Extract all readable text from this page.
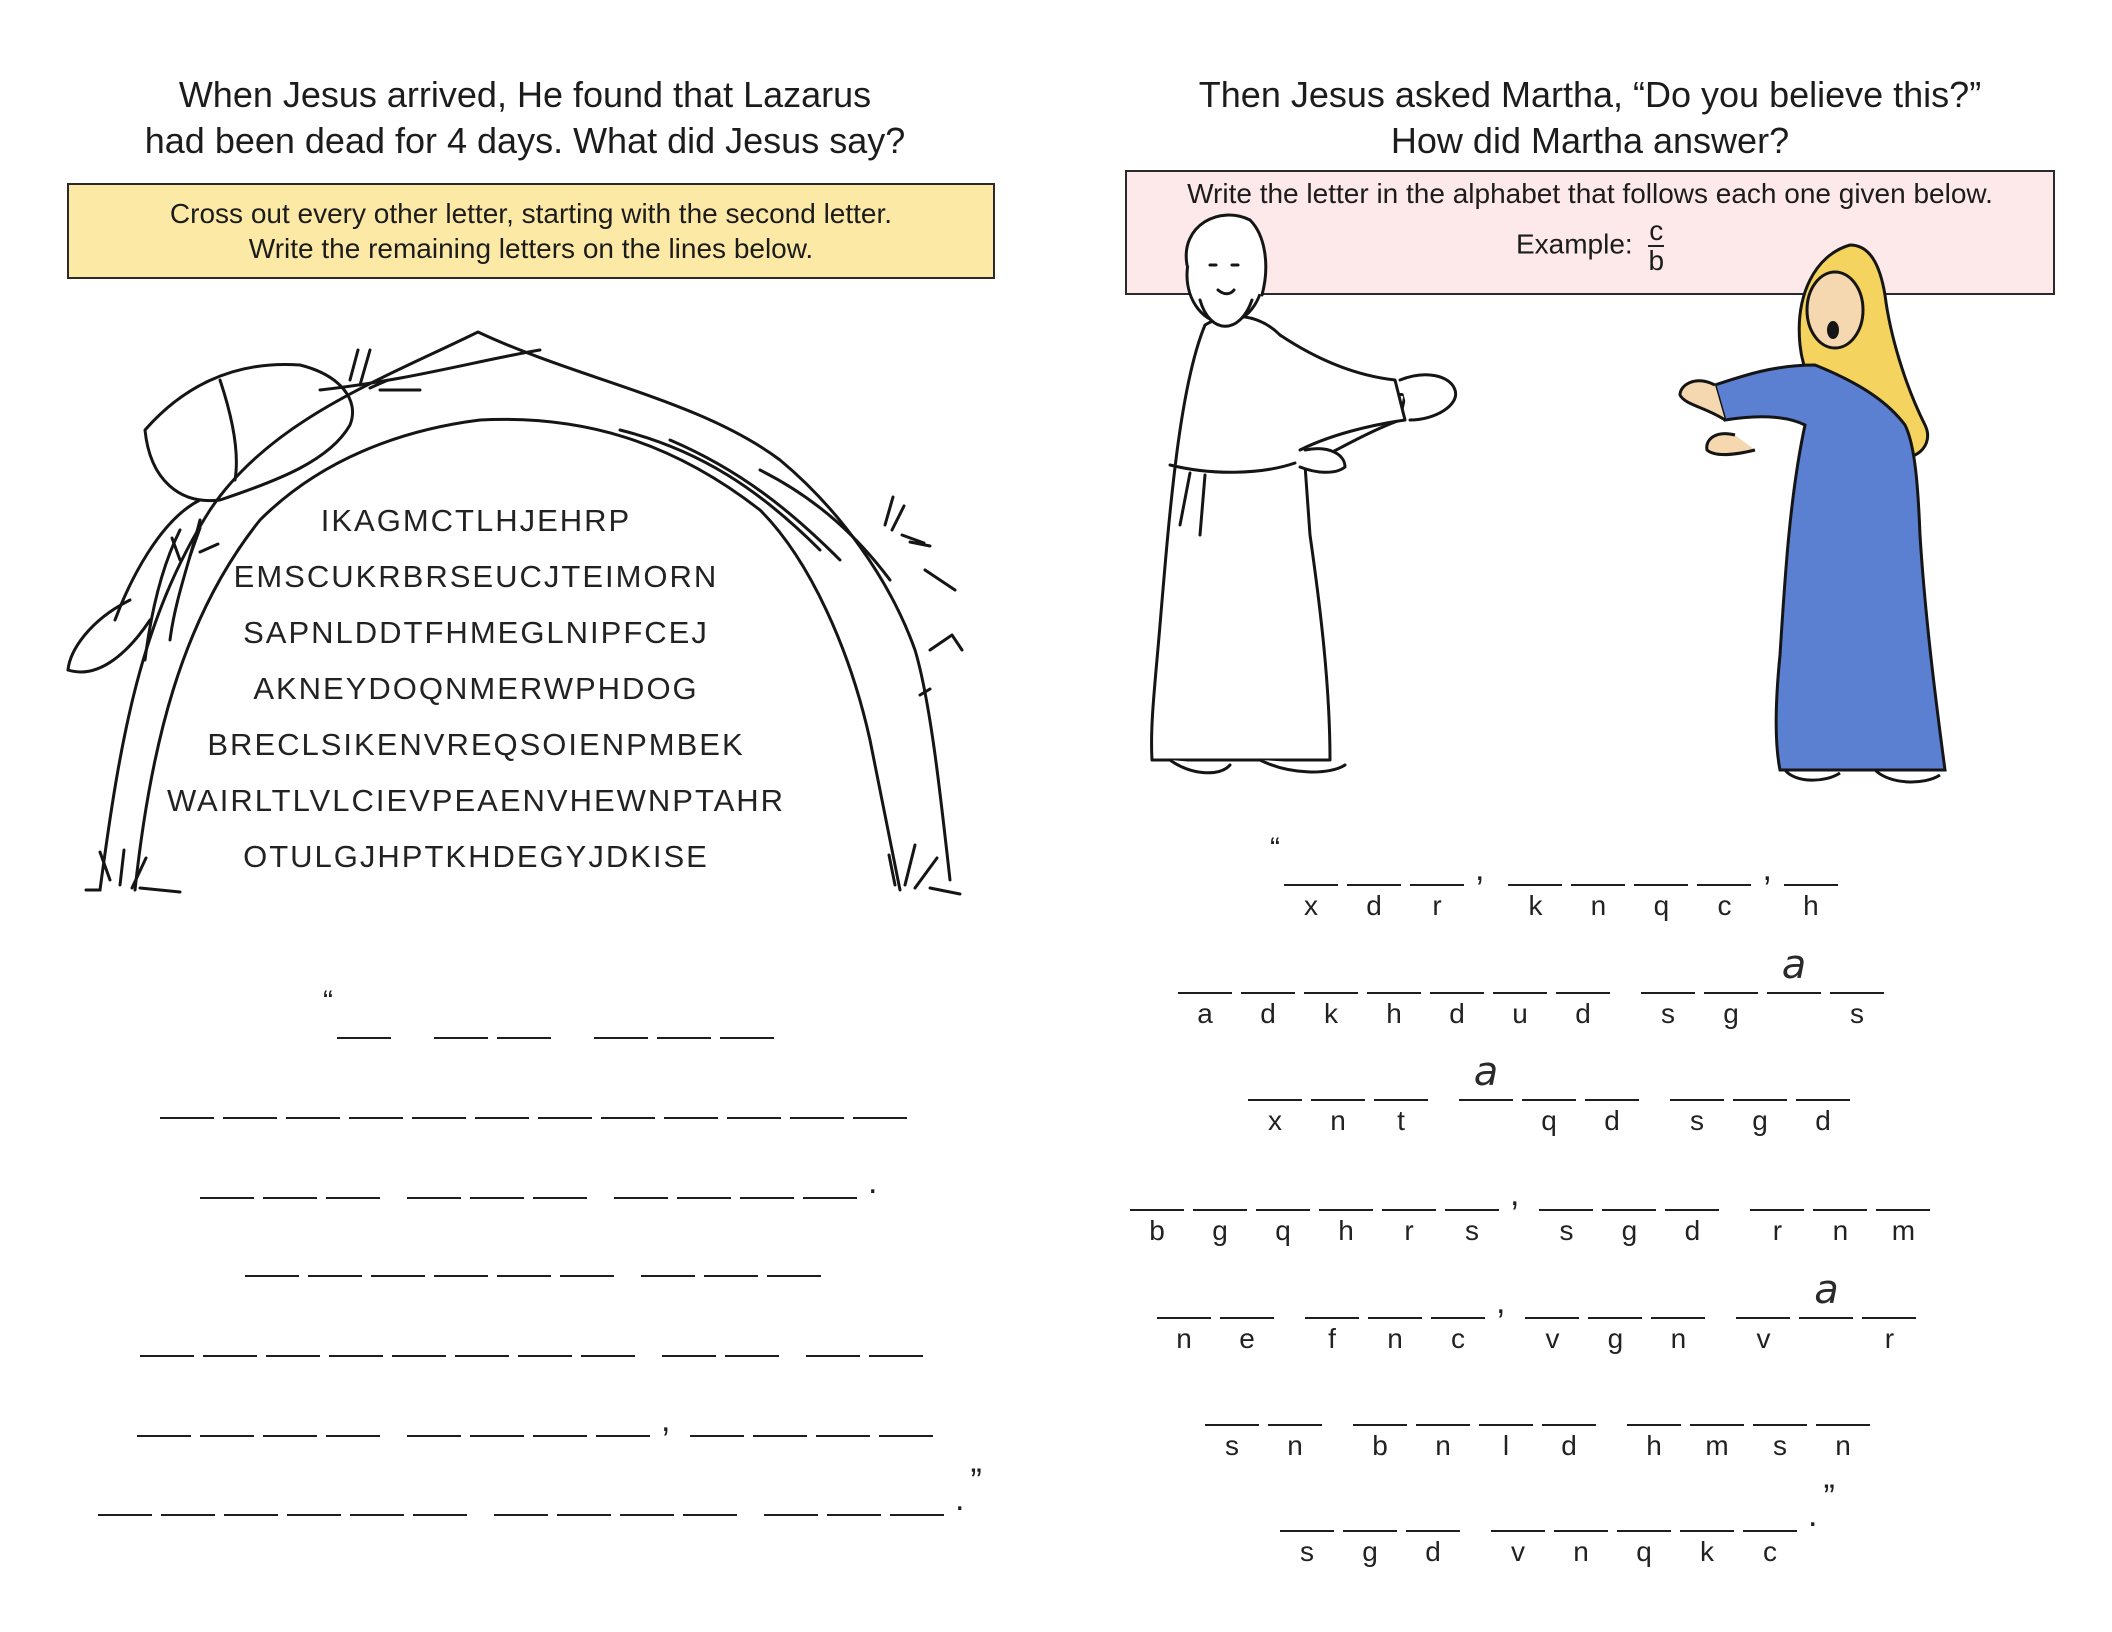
When Jesus arrived, He found that Lazarus
had been dead for 4 days. What did Jesus say?
Cross out every other letter, starting with the second letter.
Write the remaining letters on the lines below.
IKAGMCTLHJEHRP
EMSCUKRBRSEUCJTEIMORN
SAPNLDDTFHMEGLNIPFCEJ
AKNEYDOQNMERWPHDOG
BRECLSIKENVREQSOIENPMBEK
WAIRLTLVLCIEVPEAENVHEWNPTAHR
OTULGJHPTKHDEGYJDKISE
“
.
,
. ”
Then Jesus asked Martha, “Do you believe this?”
How did Martha answer?
Write the letter in the alphabet that follows each one given below.
Example: $\frac{c}{b}$
“
x	d	r
,
k	n	q	c
,
h
a	d	k	h	d	u	d	s	g
a
s
x	n	t
a
q	d	s	g	d
b	g	q	h	r	s
,
s	g	d	r	n	m
n	e	f	n	c
,
v	g	n	v
a
r
s	n	b	n	l	d	h	m	s	n
s	g	d	v	n	q	k	c
. ”
